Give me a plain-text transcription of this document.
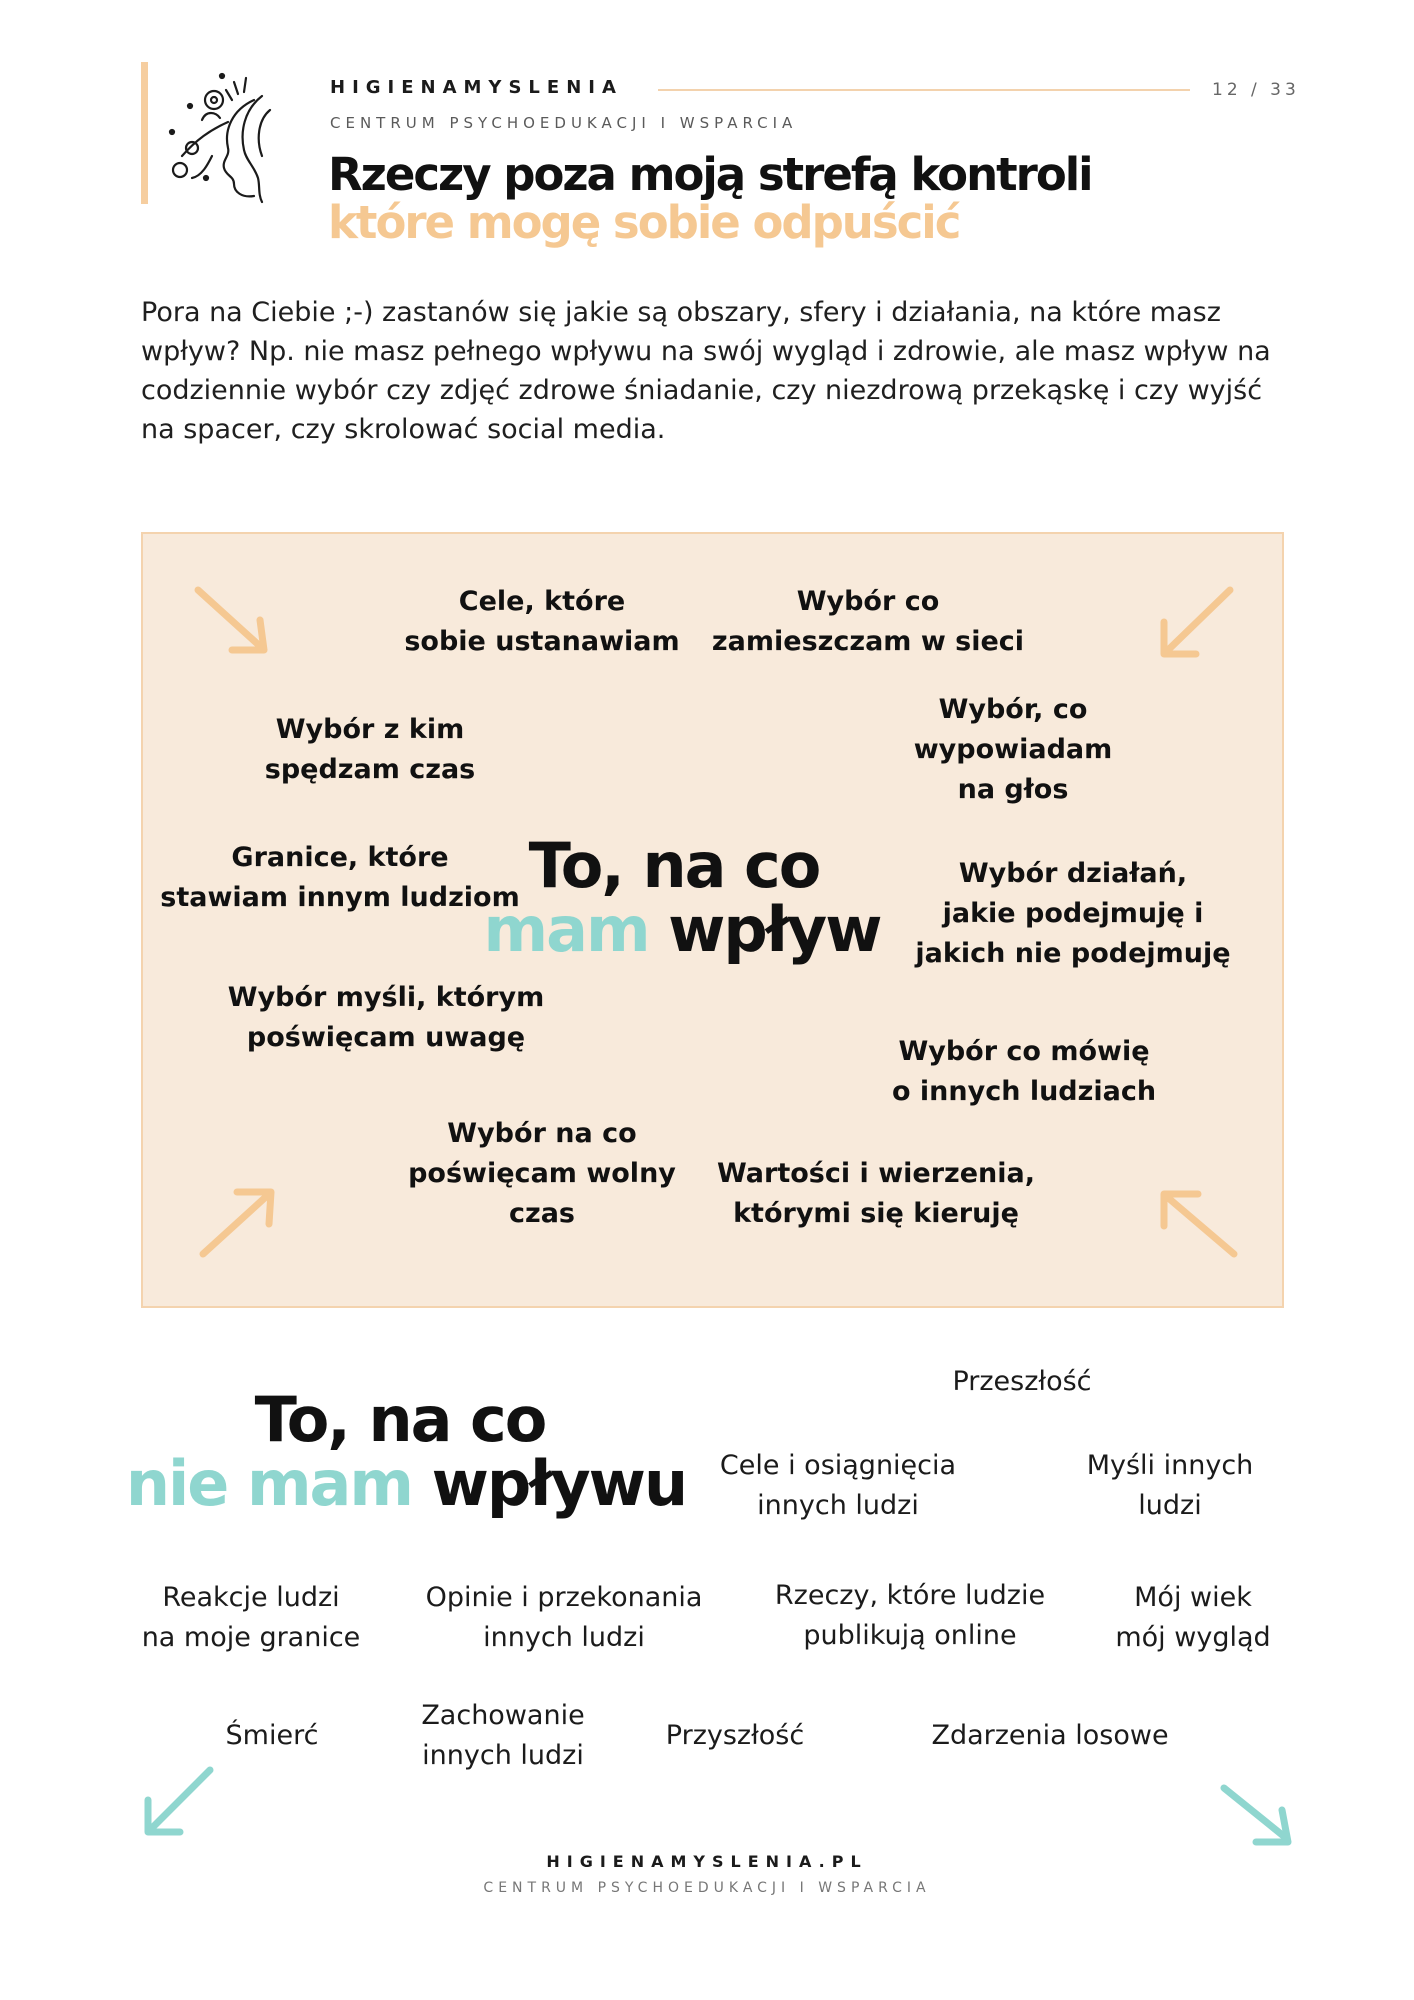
HIGIENAMYSLENIA
CENTRUM PSYCHOEDUKACJI I WSPARCIA
12 / 33
Rzeczy poza moją strefą kontroli
które mogę sobie odpuścić
Pora na Ciebie ;-) zastanów się jakie są obszary, sfery i działania, na które masz wpływ? Np. nie masz pełnego wpływu na swój wygląd i zdrowie, ale masz wpływ na codziennie wybór czy zdjęć zdrowe śniadanie, czy niezdrową przekąskę i czy wyjść na spacer, czy skrolować social media.
Cele, które
sobie ustanawiam
Wybór co
zamieszczam w sieci
Wybór z kim
spędzam czas
Wybór, co
wypowiadam
na głos
Granice, które
stawiam innym ludziom
Wybór działań,
jakie podejmuję i
jakich nie podejmuję
Wybór myśli, którym
poświęcam uwagę	Wybór co mówię
o innych ludziach
Wybór na co
poświęcam wolny
czas
Wartości i wierzenia,
którymi się kieruję
To, na co
mam wpływ
To, na co
nie mam wpływu
Przeszłość
Cele i osiągnięcia
innych ludzi
Myśli innych
ludzi
Reakcje ludzi
na moje granice
Opinie i przekonania
innych ludzi
Rzeczy, które ludzie
publikują online
Mój wiek
mój wygląd
Śmierć
Zachowanie
innych ludzi
Przyszłość	Zdarzenia losowe
HIGIENAMYSLENIA.PL
CENTRUM PSYCHOEDUKACJI I WSPARCIA
